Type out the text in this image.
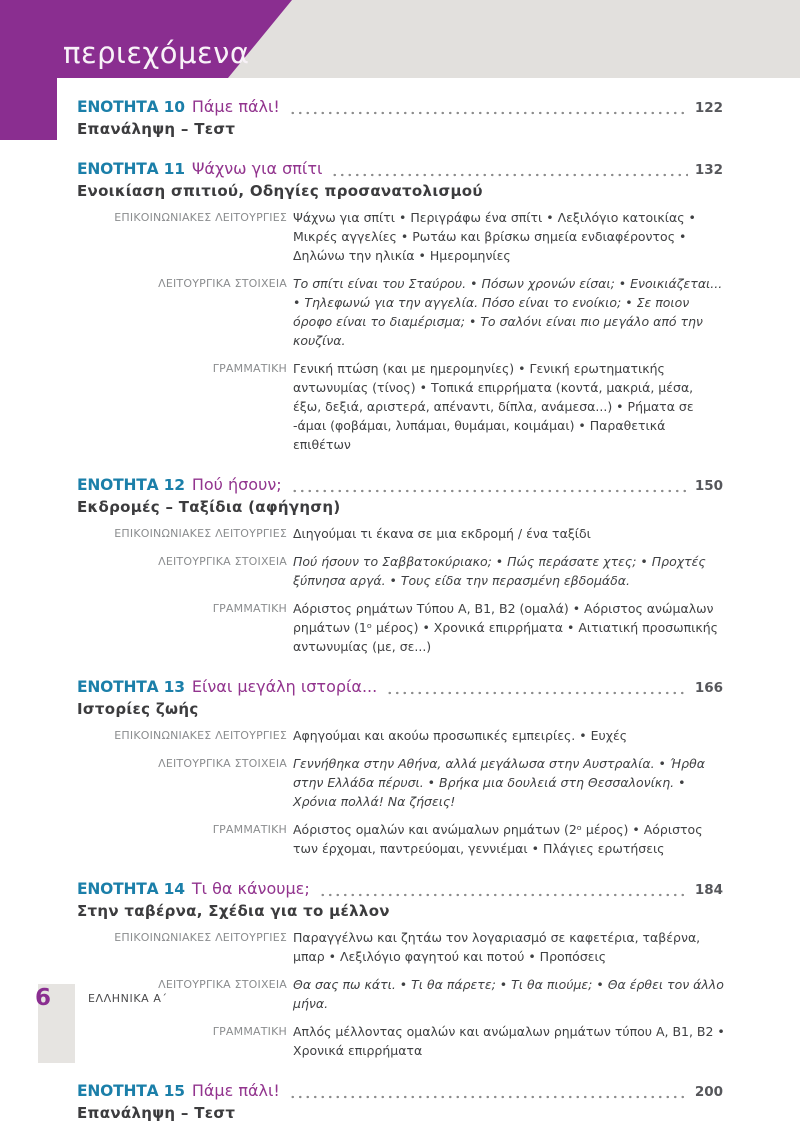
περιεχόμενα
ΕΝΟΤΗΤΑ 10 Πάμε πάλι!	122
Επανάληψη – Τεστ
ΕΝΟΤΗΤΑ 11 Ψάχνω για σπίτι	132
Ενοικίαση σπιτιού, Οδηγίες προσανατολισμού
ΕΠΙΚΟΙΝΩΝΙΑΚΕΣ ΛΕΙΤΟΥΡΓΙΕΣ Ψάχνω για σπίτι • Περιγράφω ένα σπίτι • Λεξιλόγιο κατοικίας • Μικρές αγγελίες • Ρωτάω και βρίσκω σημεία ενδιαφέροντος • Δηλώνω την ηλικία • Ημερομηνίες
ΛΕΙΤΟΥΡΓΙΚΑ ΣΤΟΙΧΕΙΑ Το σπίτι είναι του Σταύρου. • Πόσων χρονών είσαι; • Ενοικιάζεται... • Τηλεφωνώ για την αγγελία. Πόσο είναι το ενοίκιο; • Σε ποιον όροφο είναι το διαμέρισμα; • Το σαλόνι είναι πιο μεγάλο από την κουζίνα.
ΓΡΑΜΜΑΤΙΚΗ Γενική πτώση (και με ημερομηνίες) • Γενική ερωτηματικής αντωνυμίας (τίνος) • Τοπικά επιρρήματα (κοντά, μακριά, μέσα, έξω, δεξιά, αριστερά, απέναντι, δίπλα, ανάμεσα...) • Ρήματα σε -άμαι (φοβάμαι, λυπάμαι, θυμάμαι, κοιμάμαι) • Παραθετικά επιθέτων
ΕΝΟΤΗΤΑ 12 Πού ήσουν;	150
Εκδρομές – Ταξίδια (αφήγηση)
ΕΠΙΚΟΙΝΩΝΙΑΚΕΣ ΛΕΙΤΟΥΡΓΙΕΣ Διηγούμαι τι έκανα σε μια εκδρομή / ένα ταξίδι
ΛΕΙΤΟΥΡΓΙΚΑ ΣΤΟΙΧΕΙΑ Πού ήσουν το Σαββατοκύριακο; • Πώς περάσατε χτες; • Προχτές ξύπνησα αργά. • Τους είδα την περασμένη εβδομάδα.
ΓΡΑΜΜΑΤΙΚΗ Αόριστος ρημάτων Τύπου Α, Β1, Β2 (ομαλά) • Αόριστος ανώμαλων ρημάτων (1ᵒ μέρος) • Χρονικά επιρρήματα • Αιτιατική προσωπικής αντωνυμίας (με, σε...)
ΕΝΟΤΗΤΑ 13 Είναι μεγάλη ιστορία...	166
Ιστορίες ζωής
ΕΠΙΚΟΙΝΩΝΙΑΚΕΣ ΛΕΙΤΟΥΡΓΙΕΣ Αφηγούμαι και ακούω προσωπικές εμπειρίες. • Ευχές
ΛΕΙΤΟΥΡΓΙΚΑ ΣΤΟΙΧΕΙΑ Γεννήθηκα στην Αθήνα, αλλά μεγάλωσα στην Αυστραλία. • Ήρθα στην Ελλάδα πέρυσι. • Βρήκα μια δουλειά στη Θεσσαλονίκη. • Χρόνια πολλά! Να ζήσεις!
ΓΡΑΜΜΑΤΙΚΗ Αόριστος ομαλών και ανώμαλων ρημάτων (2ᵒ μέρος) • Αόριστος των έρχομαι, παντρεύομαι, γεννιέμαι • Πλάγιες ερωτήσεις
ΕΝΟΤΗΤΑ 14 Τι θα κάνουμε;	184
Στην ταβέρνα, Σχέδια για το μέλλον
ΕΠΙΚΟΙΝΩΝΙΑΚΕΣ ΛΕΙΤΟΥΡΓΙΕΣ Παραγγέλνω και ζητάω τον λογαριασμό σε καφετέρια, ταβέρνα, μπαρ • Λεξιλόγιο φαγητού και ποτού • Προπόσεις
ΛΕΙΤΟΥΡΓΙΚΑ ΣΤΟΙΧΕΙΑ Θα σας πω κάτι. • Τι θα πάρετε; • Τι θα πιούμε; • Θα έρθει τον άλλο μήνα.
ΓΡΑΜΜΑΤΙΚΗ Απλός μέλλοντας ομαλών και ανώμαλων ρημάτων τύπου Α, Β1, Β2 • Χρονικά επιρρήματα
ΕΝΟΤΗΤΑ 15 Πάμε πάλι!	200
Επανάληψη – Τεστ
6	ΕΛΛΗΝΙΚΑ Α΄
